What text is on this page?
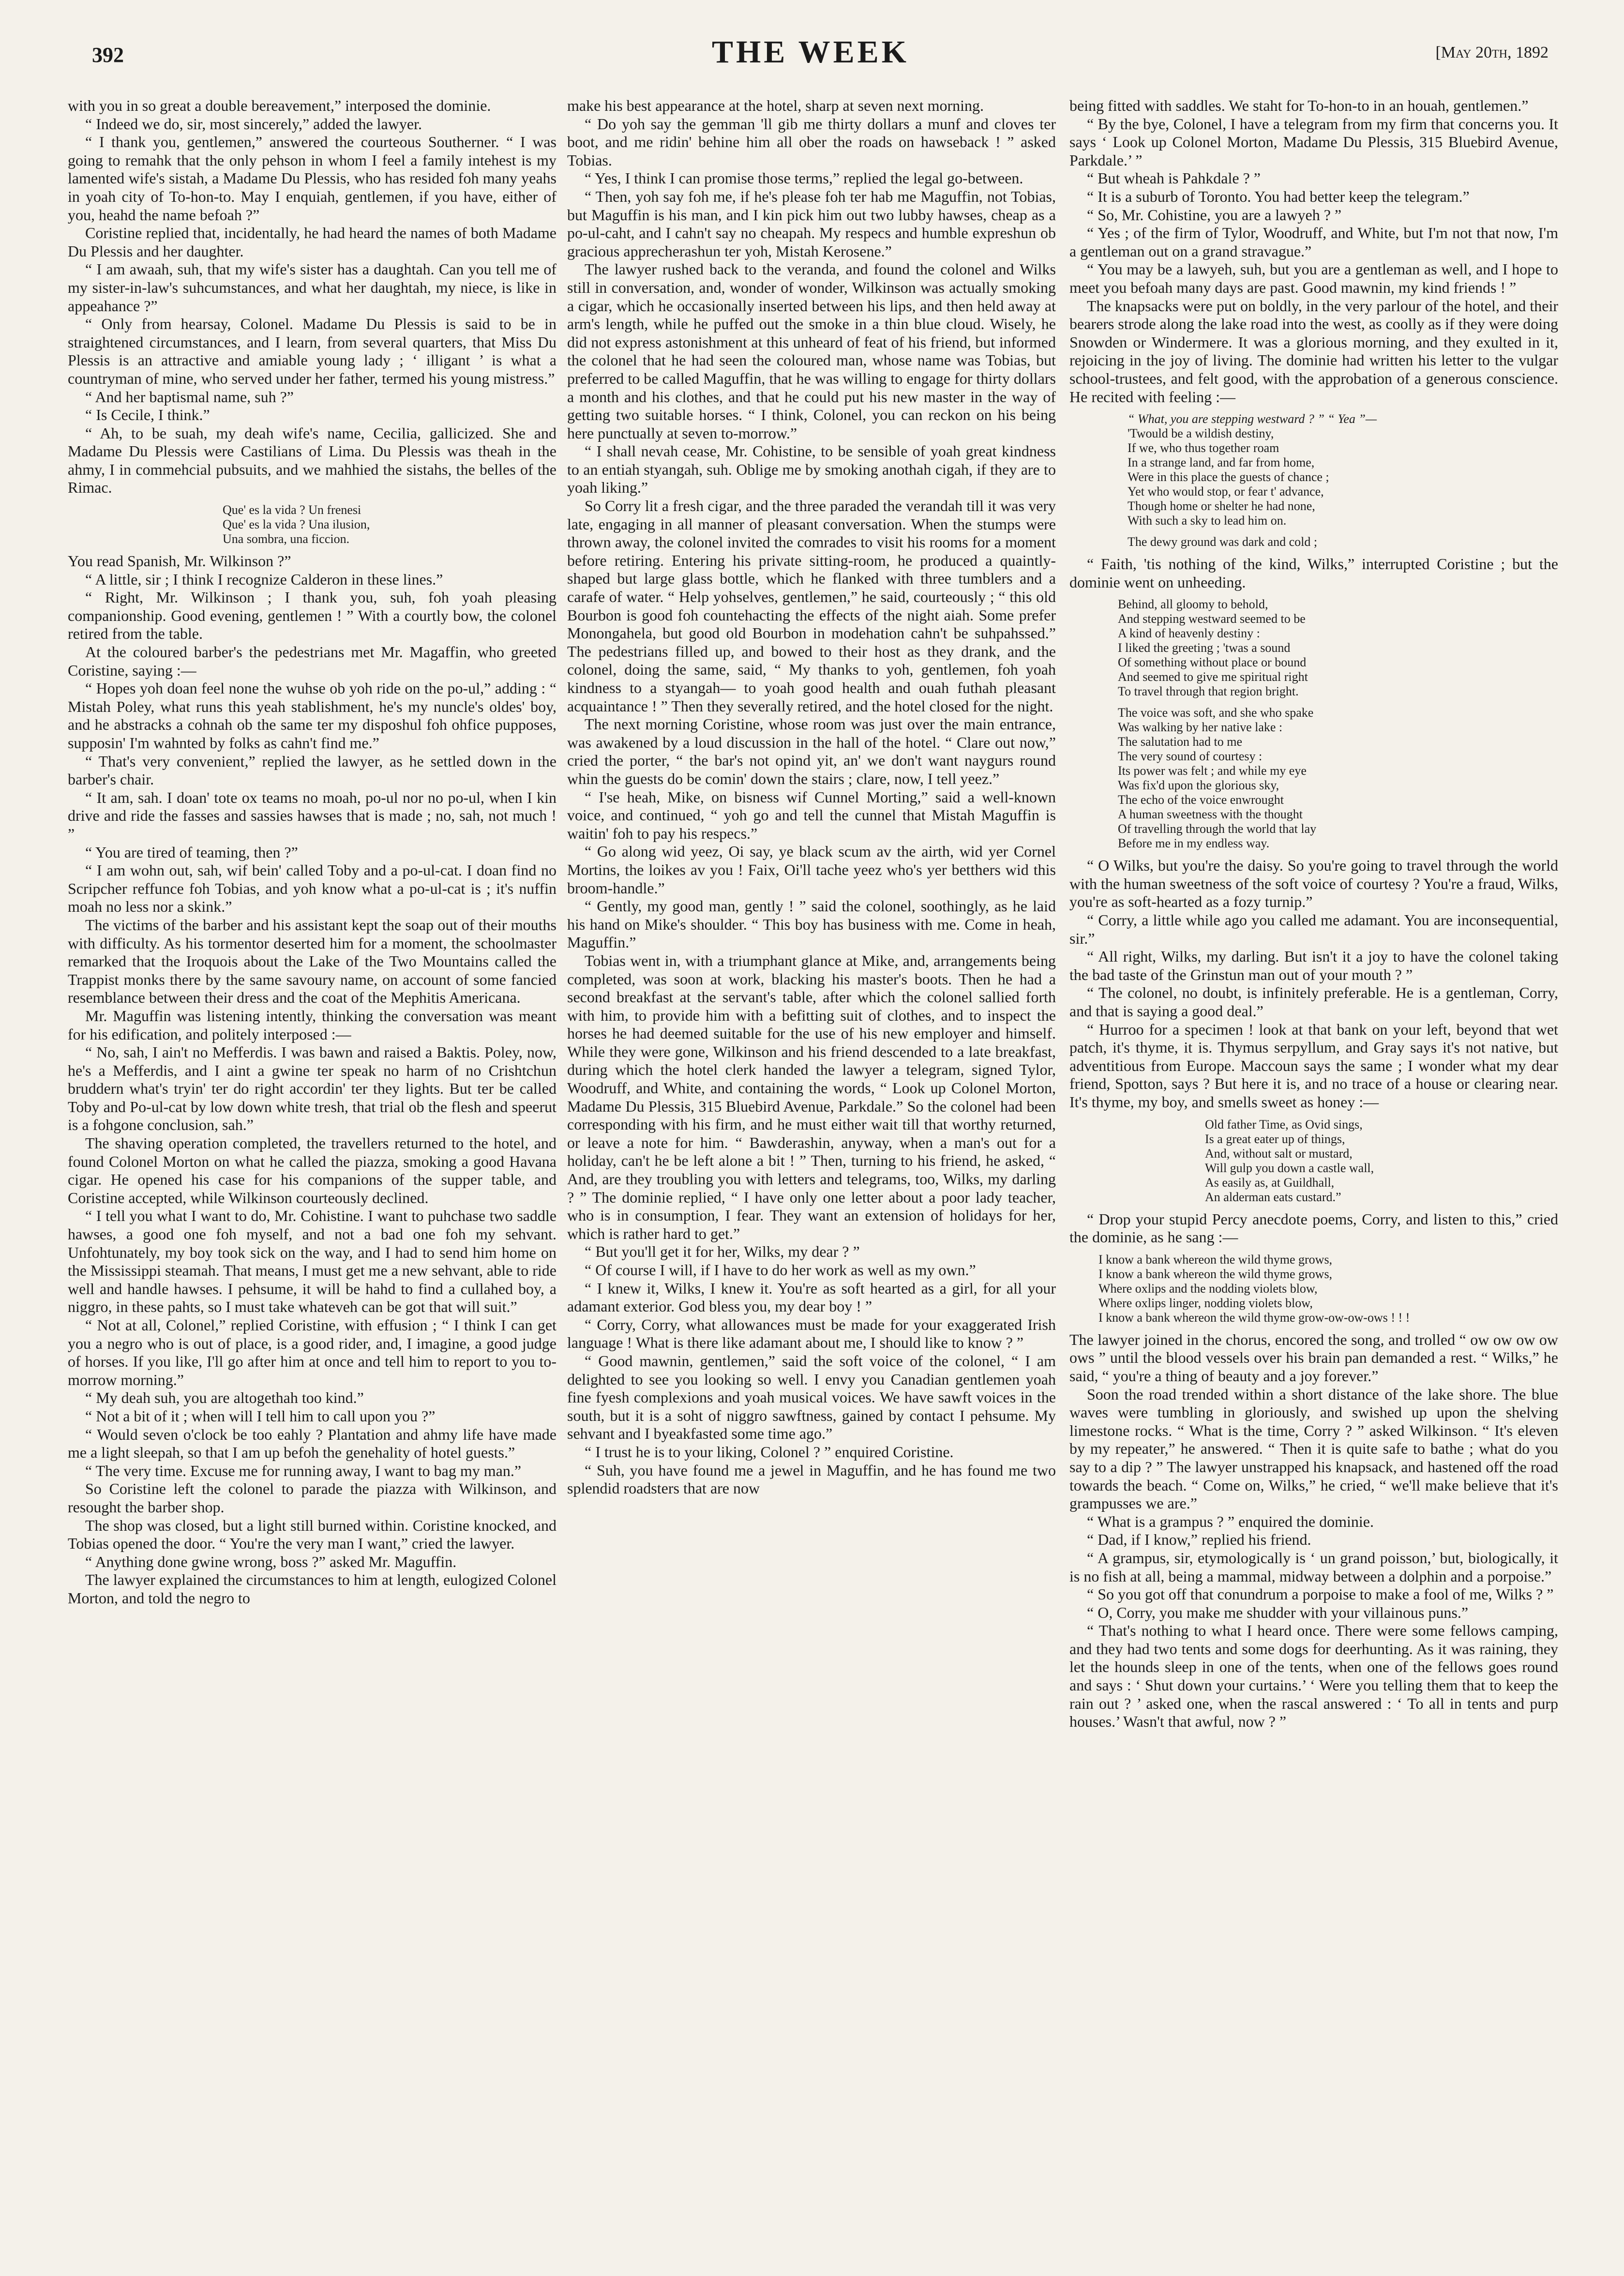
392	THE WEEK	[May 20th, 1892

with you in so great a double bereavement,” interposed the dominie.

“ Indeed we do, sir, most sincerely,” added the lawyer.

“ I thank you, gentlemen,” answered the courteous Southerner. “ I was going to remahk that the only pehson in whom I feel a family intehest is my lamented wife's sistah, a Madame Du Plessis, who has resided foh many yeahs in yoah city of To-hon-to. May I enquiah, gentlemen, if you have, either of you, heahd the name befoah ?”

Coristine replied that, incidentally, he had heard the names of both Madame Du Plessis and her daughter.

“ I am awaah, suh, that my wife's sister has a daughtah. Can you tell me of my sister-in-law's suhcumstances, and what her daughtah, my niece, is like in appeahance ?”

“ Only from hearsay, Colonel. Madame Du Plessis is said to be in straightened circumstances, and I learn, from several quarters, that Miss Du Plessis is an attractive and amiable young lady ; ‘ illigant ’ is what a countryman of mine, who served under her father, termed his young mistress.”

“ And her baptismal name, suh ?”

“ Is Cecile, I think.”

“ Ah, to be suah, my deah wife's name, Cecilia, gallicized. She and Madame Du Plessis were Castilians of Lima. Du Plessis was theah in the ahmy, I in commehcial pubsuits, and we mahhied the sistahs, the belles of the Rimac.

Que' es la vida ? Un frenesi
Que' es la vida ? Una ilusion,
Una sombra, una ficcion.

You read Spanish, Mr. Wilkinson ?”

“ A little, sir ; I think I recognize Calderon in these lines.”

“ Right, Mr. Wilkinson ; I thank you, suh, foh yoah pleasing companionship. Good evening, gentlemen ! ” With a courtly bow, the colonel retired from the table.

At the coloured barber's the pedestrians met Mr. Magaffin, who greeted Coristine, saying :—

“ Hopes yoh doan feel none the wuhse ob yoh ride on the po-ul,” adding : “ Mistah Poley, what runs this yeah stablishment, he's my nuncle's oldes' boy, and he abstracks a cohnah ob the same ter my disposhul foh ohfice pupposes, supposin' I'm wahnted by folks as cahn't find me.”

“ That's very convenient,” replied the lawyer, as he settled down in the barber's chair.

“ It am, sah. I doan' tote ox teams no moah, po-ul nor no po-ul, when I kin drive and ride the fasses and sassies hawses that is made ; no, sah, not much ! ”

“ You are tired of teaming, then ?”

“ I am wohn out, sah, wif bein' called Toby and a po-ul-cat. I doan find no Scripcher reffunce foh Tobias, and yoh know what a po-ul-cat is ; it's nuffin moah no less nor a skink.”

The victims of the barber and his assistant kept the soap out of their mouths with difficulty. As his tormentor deserted him for a moment, the schoolmaster remarked that the Iroquois about the Lake of the Two Mountains called the Trappist monks there by the same savoury name, on account of some fancied resemblance between their dress and the coat of the Mephitis Americana.

Mr. Maguffin was listening intently, thinking the conversation was meant for his edification, and politely interposed :—

“ No, sah, I ain't no Mefferdis. I was bawn and raised a Baktis. Poley, now, he's a Mefferdis, and I aint a gwine ter speak no harm of no Crishtchun bruddern what's tryin' ter do right accordin' ter they lights. But ter be called Toby and Po-ul-cat by low down white tresh, that trial ob the flesh and speerut is a fohgone conclusion, sah.”

The shaving operation completed, the travellers returned to the hotel, and found Colonel Morton on what he called the piazza, smoking a good Havana cigar. He opened his case for his companions of the supper table, and Coristine accepted, while Wilkinson courteously declined.

“ I tell you what I want to do, Mr. Cohistine. I want to puhchase two saddle hawses, a good one foh myself, and not a bad one foh my sehvant. Unfohtunately, my boy took sick on the way, and I had to send him home on the Mississippi steamah. That means, I must get me a new sehvant, able to ride well and handle hawses. I pehsume, it will be hahd to find a cullahed boy, a niggro, in these pahts, so I must take whateveh can be got that will suit.”

“ Not at all, Colonel,” replied Coristine, with effusion ; “ I think I can get you a negro who is out of place, is a good rider, and, I imagine, a good judge of horses. If you like, I'll go after him at once and tell him to report to you to-morrow morning.”

“ My deah suh, you are altogethah too kind.”

“ Not a bit of it ; when will I tell him to call upon you ?”

“ Would seven o'clock be too eahly ? Plantation and ahmy life have made me a light sleepah, so that I am up befoh the genehality of hotel guests.”

“ The very time. Excuse me for running away, I want to bag my man.”

So Coristine left the colonel to parade the piazza with Wilkinson, and resought the barber shop.

The shop was closed, but a light still burned within. Coristine knocked, and Tobias opened the door. “ You're the very man I want,” cried the lawyer.

“ Anything done gwine wrong, boss ?” asked Mr. Maguffin.

The lawyer explained the circumstances to him at length, eulogized Colonel Morton, and told the negro to

make his best appearance at the hotel, sharp at seven next morning.

“ Do yoh say the gemman 'll gib me thirty dollars a munf and cloves ter boot, and me ridin' behine him all ober the roads on hawseback ! ” asked Tobias.

“ Yes, I think I can promise those terms,” replied the legal go-between.

“ Then, yoh say foh me, if he's please foh ter hab me Maguffin, not Tobias, but Maguffin is his man, and I kin pick him out two lubby hawses, cheap as a po-ul-caht, and I cahn't say no cheapah. My respecs and humble expreshun ob gracious apprecherashun ter yoh, Mistah Kerosene.”

The lawyer rushed back to the veranda, and found the colonel and Wilks still in conversation, and, wonder of wonder, Wilkinson was actually smoking a cigar, which he occasionally inserted between his lips, and then held away at arm's length, while he puffed out the smoke in a thin blue cloud. Wisely, he did not express astonishment at this unheard of feat of his friend, but informed the colonel that he had seen the coloured man, whose name was Tobias, but preferred to be called Maguffin, that he was willing to engage for thirty dollars a month and his clothes, and that he could put his new master in the way of getting two suitable horses. “ I think, Colonel, you can reckon on his being here punctually at seven to-morrow.”

“ I shall nevah cease, Mr. Cohistine, to be sensible of yoah great kindness to an entiah styangah, suh. Oblige me by smoking anothah cigah, if they are to yoah liking.”

So Corry lit a fresh cigar, and the three paraded the verandah till it was very late, engaging in all manner of pleasant conversation. When the stumps were thrown away, the colonel invited the comrades to visit his rooms for a moment before retiring. Entering his private sitting-room, he produced a quaintly-shaped but large glass bottle, which he flanked with three tumblers and a carafe of water. “ Help yohselves, gentlemen,” he said, courteously ; “ this old Bourbon is good foh countehacting the effects of the night aiah. Some prefer Monongahela, but good old Bourbon in modehation cahn't be suhpahssed.” The pedestrians filled up, and bowed to their host as they drank, and the colonel, doing the same, said, “ My thanks to yoh, gentlemen, foh yoah kindness to a styangah— to yoah good health and ouah futhah pleasant acquaintance ! ” Then they severally retired, and the hotel closed for the night.

The next morning Coristine, whose room was just over the main entrance, was awakened by a loud discussion in the hall of the hotel. “ Clare out now,” cried the porter, “ the bar's not opind yit, an' we don't want naygurs round whin the guests do be comin' down the stairs ; clare, now, I tell yeez.”

“ I'se heah, Mike, on bisness wif Cunnel Morting,” said a well-known voice, and continued, “ yoh go and tell the cunnel that Mistah Maguffin is waitin' foh to pay his respecs.”

“ Go along wid yeez, Oi say, ye black scum av the airth, wid yer Cornel Mortins, the loikes av you ! Faix, Oi'll tache yeez who's yer betthers wid this broom-handle.”

“ Gently, my good man, gently ! ” said the colonel, soothingly, as he laid his hand on Mike's shoulder. “ This boy has business with me. Come in heah, Maguffin.”

Tobias went in, with a triumphant glance at Mike, and, arrangements being completed, was soon at work, blacking his master's boots. Then he had a second breakfast at the servant's table, after which the colonel sallied forth with him, to provide him with a befitting suit of clothes, and to inspect the horses he had deemed suitable for the use of his new employer and himself. While they were gone, Wilkinson and his friend descended to a late breakfast, during which the hotel clerk handed the lawyer a telegram, signed Tylor, Woodruff, and White, and containing the words, “ Look up Colonel Morton, Madame Du Plessis, 315 Bluebird Avenue, Parkdale.” So the colonel had been corresponding with his firm, and he must either wait till that worthy returned, or leave a note for him. “ Bawderashin, anyway, when a man's out for a holiday, can't he be left alone a bit ! ” Then, turning to his friend, he asked, “ And, are they troubling you with letters and telegrams, too, Wilks, my darling ? ” The dominie replied, “ I have only one letter about a poor lady teacher, who is in consumption, I fear. They want an extension of holidays for her, which is rather hard to get.”

“ But you'll get it for her, Wilks, my dear ? ”

“ Of course I will, if I have to do her work as well as my own.”

“ I knew it, Wilks, I knew it. You're as soft hearted as a girl, for all your adamant exterior. God bless you, my dear boy ! ”

“ Corry, Corry, what allowances must be made for your exaggerated Irish language ! What is there like adamant about me, I should like to know ? ”

“ Good mawnin, gentlemen,” said the soft voice of the colonel, “ I am delighted to see you looking so well. I envy you Canadian gentlemen yoah fine fyesh complexions and yoah musical voices. We have sawft voices in the south, but it is a soht of niggro sawftness, gained by contact I pehsume. My sehvant and I byeakfasted some time ago.”

“ I trust he is to your liking, Colonel ? ” enquired Coristine.

“ Suh, you have found me a jewel in Maguffin, and he has found me two splendid roadsters that are now

being fitted with saddles. We staht for To-hon-to in an houah, gentlemen.”

“ By the bye, Colonel, I have a telegram from my firm that concerns you. It says ‘ Look up Colonel Morton, Madame Du Plessis, 315 Bluebird Avenue, Parkdale.’ ”

“ But wheah is Pahkdale ? ”

“ It is a suburb of Toronto. You had better keep the telegram.”

“ So, Mr. Cohistine, you are a lawyeh ? ”

“ Yes ; of the firm of Tylor, Woodruff, and White, but I'm not that now, I'm a gentleman out on a grand stravague.”

“ You may be a lawyeh, suh, but you are a gentleman as well, and I hope to meet you befoah many days are past. Good mawnin, my kind friends ! ”

The knapsacks were put on boldly, in the very parlour of the hotel, and their bearers strode along the lake road into the west, as coolly as if they were doing Snowden or Windermere. It was a glorious morning, and they exulted in it, rejoicing in the joy of living. The dominie had written his letter to the vulgar school-trustees, and felt good, with the approbation of a generous conscience. He recited with feeling :—

“ What, you are stepping westward ? ” “ Yea ”—
'Twould be a wildish destiny,
If we, who thus together roam
In a strange land, and far from home,
Were in this place the guests of chance ;
Yet who would stop, or fear t' advance,
Though home or shelter he had none,
With such a sky to lead him on.
The dewy ground was dark and cold ;

“ Faith, 'tis nothing of the kind, Wilks,” interrupted Coristine ; but the dominie went on unheeding.

Behind, all gloomy to behold,
And stepping westward seemed to be
A kind of heavenly destiny :
I liked the greeting ; 'twas a sound
Of something without place or bound
And seemed to give me spiritual right
To travel through that region bright.
The voice was soft, and she who spake
Was walking by her native lake :
The salutation had to me
The very sound of courtesy :
Its power was felt ; and while my eye
Was fix'd upon the glorious sky,
The echo of the voice enwrought
A human sweetness with the thought
Of travelling through the world that lay
Before me in my endless way.

“ O Wilks, but you're the daisy. So you're going to travel through the world with the human sweetness of the soft voice of courtesy ? You're a fraud, Wilks, you're as soft-hearted as a fozy turnip.”

“ Corry, a little while ago you called me adamant. You are inconsequential, sir.”

“ All right, Wilks, my darling. But isn't it a joy to have the colonel taking the bad taste of the Grinstun man out of your mouth ? ”

“ The colonel, no doubt, is infinitely preferable. He is a gentleman, Corry, and that is saying a good deal.”

“ Hurroo for a specimen ! look at that bank on your left, beyond that wet patch, it's thyme, it is. Thymus serpyllum, and Gray says it's not native, but adventitious from Europe. Maccoun says the same ; I wonder what my dear friend, Spotton, says ? But here it is, and no trace of a house or clearing near. It's thyme, my boy, and smells sweet as honey :—

Old father Time, as Ovid sings,
Is a great eater up of things,
And, without salt or mustard,
Will gulp you down a castle wall,
As easily as, at Guildhall,
An alderman eats custard.”

“ Drop your stupid Percy anecdote poems, Corry, and listen to this,” cried the dominie, as he sang :—

I know a bank whereon the wild thyme grows,
I know a bank whereon the wild thyme grows,
Where oxlips and the nodding violets blow,
Where oxlips linger, nodding violets blow,
I know a bank whereon the wild thyme grow-ow-ow-ows ! ! !

The lawyer joined in the chorus, encored the song, and trolled “ ow ow ow ow ows ” until the blood vessels over his brain pan demanded a rest. “ Wilks,” he said, “ you're a thing of beauty and a joy forever.”

Soon the road trended within a short distance of the lake shore. The blue waves were tumbling in gloriously, and swished up upon the shelving limestone rocks. “ What is the time, Corry ? ” asked Wilkinson. “ It's eleven by my repeater,” he answered. “ Then it is quite safe to bathe ; what do you say to a dip ? ” The lawyer unstrapped his knapsack, and hastened off the road towards the beach. “ Come on, Wilks,” he cried, “ we'll make believe that it's grampusses we are.”

“ What is a grampus ? ” enquired the dominie.

“ Dad, if I know,” replied his friend.

“ A grampus, sir, etymologically is ‘ un grand poisson,’ but, biologically, it is no fish at all, being a mammal, midway between a dolphin and a porpoise.”

“ So you got off that conundrum a porpoise to make a fool of me, Wilks ? ”

“ O, Corry, you make me shudder with your villainous puns.”

“ That's nothing to what I heard once. There were some fellows camping, and they had two tents and some dogs for deerhunting. As it was raining, they let the hounds sleep in one of the tents, when one of the fellows goes round and says : ‘ Shut down your curtains.’ ‘ Were you telling them that to keep the rain out ? ’ asked one, when the rascal answered : ‘ To all in tents and purp houses.’ Wasn't that awful, now ? ”
